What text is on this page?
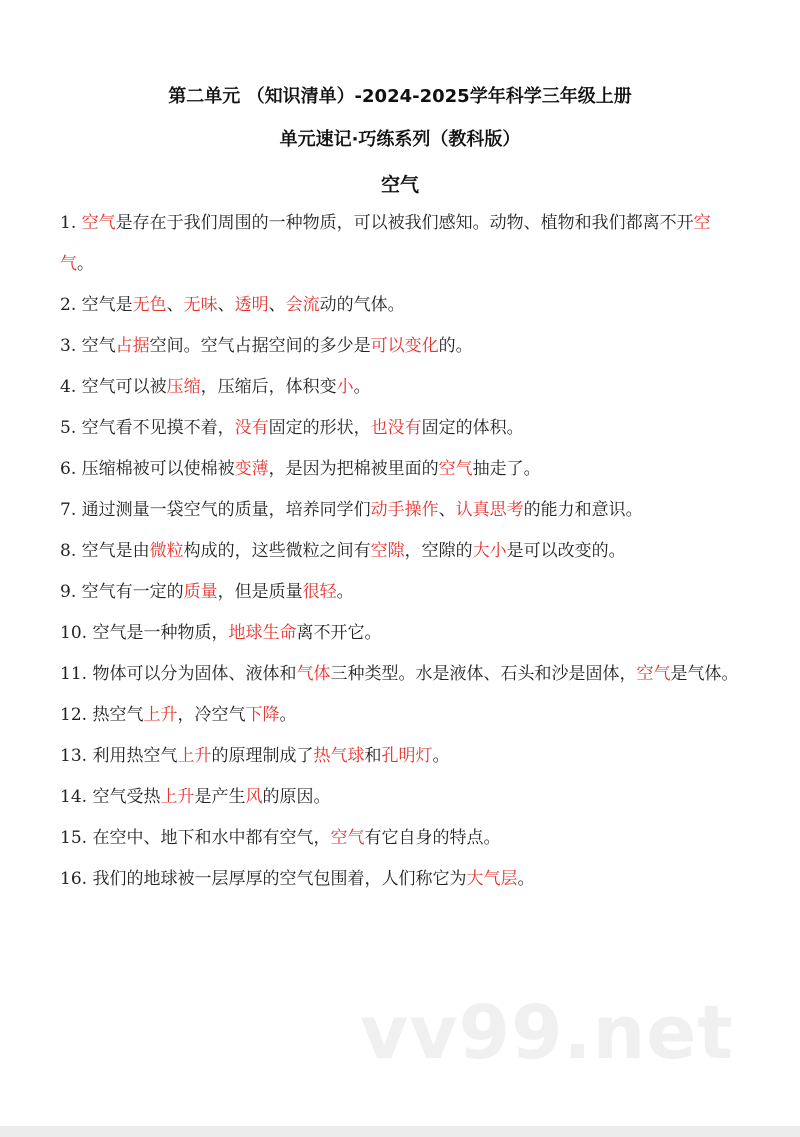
第二单元 （知识清单）-2024-2025学年科学三年级上册
单元速记·巧练系列（教科版）
空气

1. 空气是存在于我们周围的一种物质，可以被我们感知。动物、植物和我们都离不开空气。

2. 空气是无色、无味、透明、会流动的气体。

3. 空气占据空间。空气占据空间的多少是可以变化的。

4. 空气可以被压缩，压缩后，体积变小。

5. 空气看不见摸不着，没有固定的形状，也没有固定的体积。

6. 压缩棉被可以使棉被变薄，是因为把棉被里面的空气抽走了。

7. 通过测量一袋空气的质量，培养同学们动手操作、认真思考的能力和意识。

8. 空气是由微粒构成的，这些微粒之间有空隙，空隙的大小是可以改变的。

9. 空气有一定的质量，但是质量很轻。

10. 空气是一种物质，地球生命离不开它。

11. 物体可以分为固体、液体和气体三种类型。水是液体、石头和沙是固体，空气是气体。

12. 热空气上升，冷空气下降。

13. 利用热空气上升的原理制成了热气球和孔明灯。

14. 空气受热上升是产生风的原因。

15. 在空中、地下和水中都有空气，空气有它自身的特点。

16. 我们的地球被一层厚厚的空气包围着，人们称它为大气层。

vv99.net
